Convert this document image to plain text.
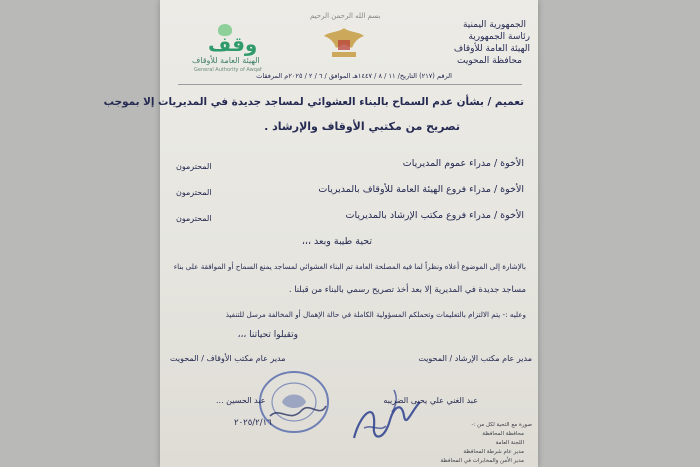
وقف
الهيئة العامة للأوقاف
General Authority of Awqaf
بسم الله الرحمن الرحيم
الجمهورية اليمنية
رئاسة الجمهورية
الهيئة العامة للأوقاف
محافظة المحويت
الرقم (٢١٧) التاريخ/ ١١ / ٨ / ١٤٤٧هـ الموافق / ٦ / ٢ / ٢٠٢٥م المرفقات
تعميم / بشأن عدم السماح بالبناء العشوائي لمساجد جديدة في المديريات إلا بموجب
تصريح من مكتبي الأوقاف والإرشاد .
الأخوة / مدراء عموم المديريات
المحترمون
الأخوة / مدراء فروع الهيئة العامة للأوقاف بالمديريات
المحترمون
الأخوة / مدراء فروع مكتب الإرشاد بالمديريات
المحترمون
تحية طيبة وبعد ،،،
بالإشارة إلى الموضوع أعلاه ونظراً لما فيه المصلحة العامة تم البناء العشوائي لمساجد يمنع السماح أو الموافقة على بناء
مساجد جديدة في المديرية إلا بعد أخذ تصريح رسمي بالبناء من قبلنا .
وعليه :- يتم الالتزام بالتعليمات وتحملكم المسؤولية الكاملة في حالة الإهمال أو المخالفة مرسل للتنفيذ
وتقبلوا تحياتنا ،،،
مدير عام مكتب الأوقاف / المحويت	مدير عام مكتب الإرشاد / المحويت
عبد الحسين ...
٢٠٢٥/٢/١٦
عبد الغني علي يحيى الضريبه
صورة مع التحية لكل من :-
محافظة المحافظة
اللجنة العامة
مدير عام شرطة المحافظة
مدير الأمن والمخابرات في المحافظة
